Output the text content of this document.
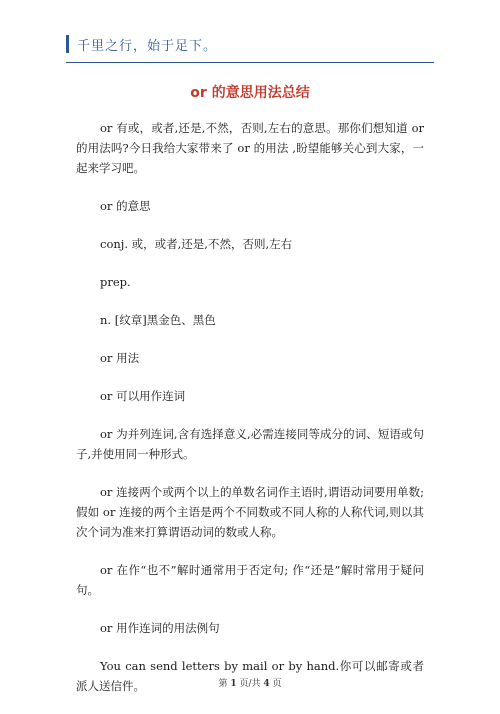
千里之行，始于足下。
or 的意思用法总结

or 有或，或者,还是,不然，否则,左右的意思。那你们想知道 or 的用法吗?今日我给大家带来了 or 的用法 ,盼望能够关心到大家，一起来学习吧。

or 的意思

conj. 或，或者,还是,不然，否则,左右

prep.

n. [纹章]黑金色、黑色

or 用法

or 可以用作连词

or 为并列连词,含有选择意义,必需连接同等成分的词、短语或句子,并使用同一种形式。

or 连接两个或两个以上的单数名词作主语时,谓语动词要用单数;假如 or 连接的两个主语是两个不同数或不同人称的人称代词,则以其次个词为准来打算谓语动词的数或人称。

or 在作“也不”解时通常用于否定句; 作“还是”解时常用于疑问句。

or 用作连词的用法例句

You can send letters by mail or by hand.你可以邮寄或者派人送信件。	第 1 页/共 4 页
